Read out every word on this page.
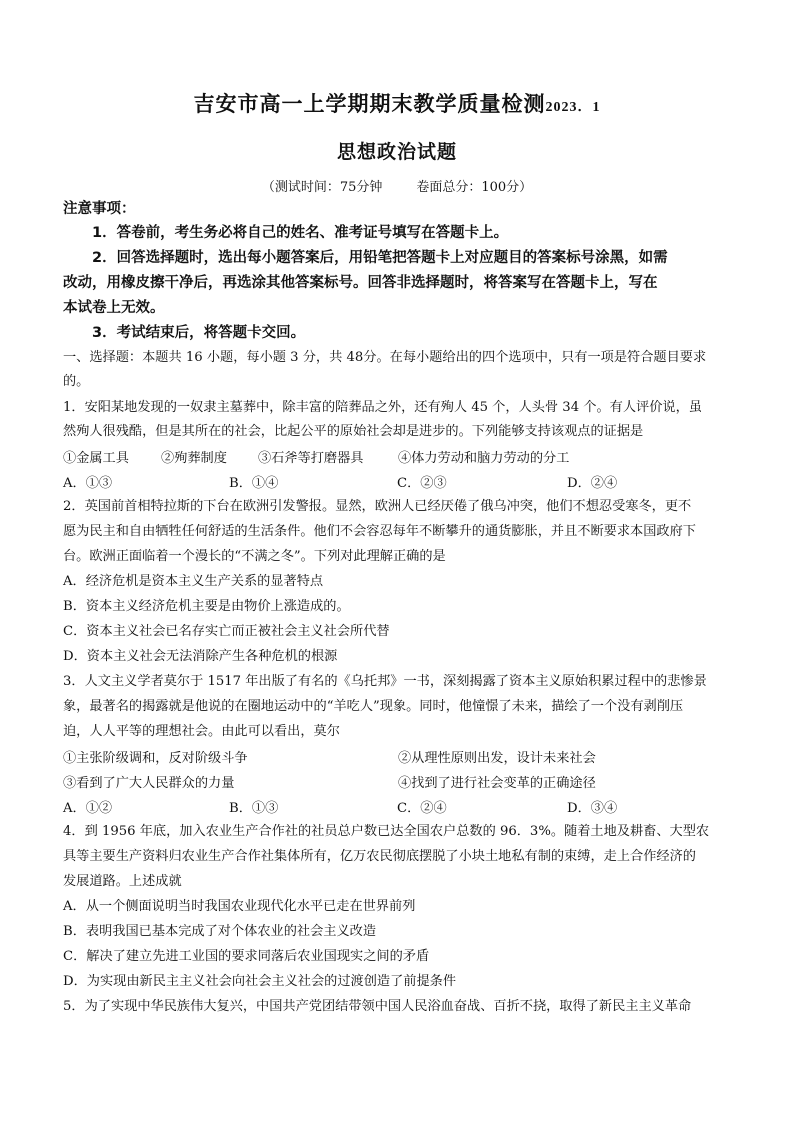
吉安市高一上学期期末教学质量检测2023．1
思想政治试题
（测试时间：75分钟	卷面总分：100分）
注意事项：
1．答卷前，考生务必将自己的姓名、准考证号填写在答题卡上。
2．回答选择题时，选出每小题答案后，用铅笔把答题卡上对应题目的答案标号涂黑，如需
改动，用橡皮擦干净后，再选涂其他答案标号。回答非选择题时，将答案写在答题卡上，写在
本试卷上无效。
3．考试结束后，将答题卡交回。
一、选择题：本题共 16 小题，每小题 3 分，共 48分。在每小题给出的四个选项中，只有一项是符合题目要求
的。
1．安阳某地发现的一奴隶主墓葬中，除丰富的陪葬品之外，还有殉人 45 个，人头骨 34 个。有人评价说，虽
然殉人很残酷，但是其所在的社会，比起公平的原始社会却是进步的。下列能够支持该观点的证据是
①金属工具 ②殉葬制度 ③石斧等打磨器具	④体力劳动和脑力劳动的分工
A．①③	B．①④	C．②③	D．②④
2．英国前首相特拉斯的下台在欧洲引发警报。显然，欧洲人已经厌倦了俄乌冲突，他们不想忍受寒冬，更不
愿为民主和自由牺牲任何舒适的生活条件。他们不会容忍每年不断攀升的通货膨胀，并且不断要求本国政府下
台。欧洲正面临着一个漫长的“不满之冬”。下列对此理解正确的是
A．经济危机是资本主义生产关系的显著特点
B．资本主义经济危机主要是由物价上涨造成的。
C．资本主义社会已名存实亡而正被社会主义社会所代替
D．资本主义社会无法消除产生各种危机的根源
3．人文主义学者莫尔于 1517 年出版了有名的《乌托邦》一书，深刻揭露了资本主义原始积累过程中的悲惨景
象，最著名的揭露就是他说的在圈地运动中的“羊吃人”现象。同时，他憧憬了未来，描绘了一个没有剥削压
迫，人人平等的理想社会。由此可以看出，莫尔
①主张阶级调和，反对阶级斗争	②从理性原则出发，设计未来社会
③看到了广大人民群众的力量	④找到了进行社会变革的正确途径
A．①②	B．①③	C．②④	D．③④
4．到 1956 年底，加入农业生产合作社的社员总户数已达全国农户总数的 96．3%。随着土地及耕畜、大型农
具等主要生产资料归农业生产合作社集体所有，亿万农民彻底摆脱了小块土地私有制的束缚，走上合作经济的
发展道路。上述成就
A．从一个侧面说明当时我国农业现代化水平已走在世界前列
B．表明我国已基本完成了对个体农业的社会主义改造
C．解决了建立先进工业国的要求同落后农业国现实之间的矛盾
D．为实现由新民主主义社会向社会主义社会的过渡创造了前提条件
5．为了实现中华民族伟大复兴，中国共产党团结带领中国人民浴血奋战、百折不挠，取得了新民主主义革命
